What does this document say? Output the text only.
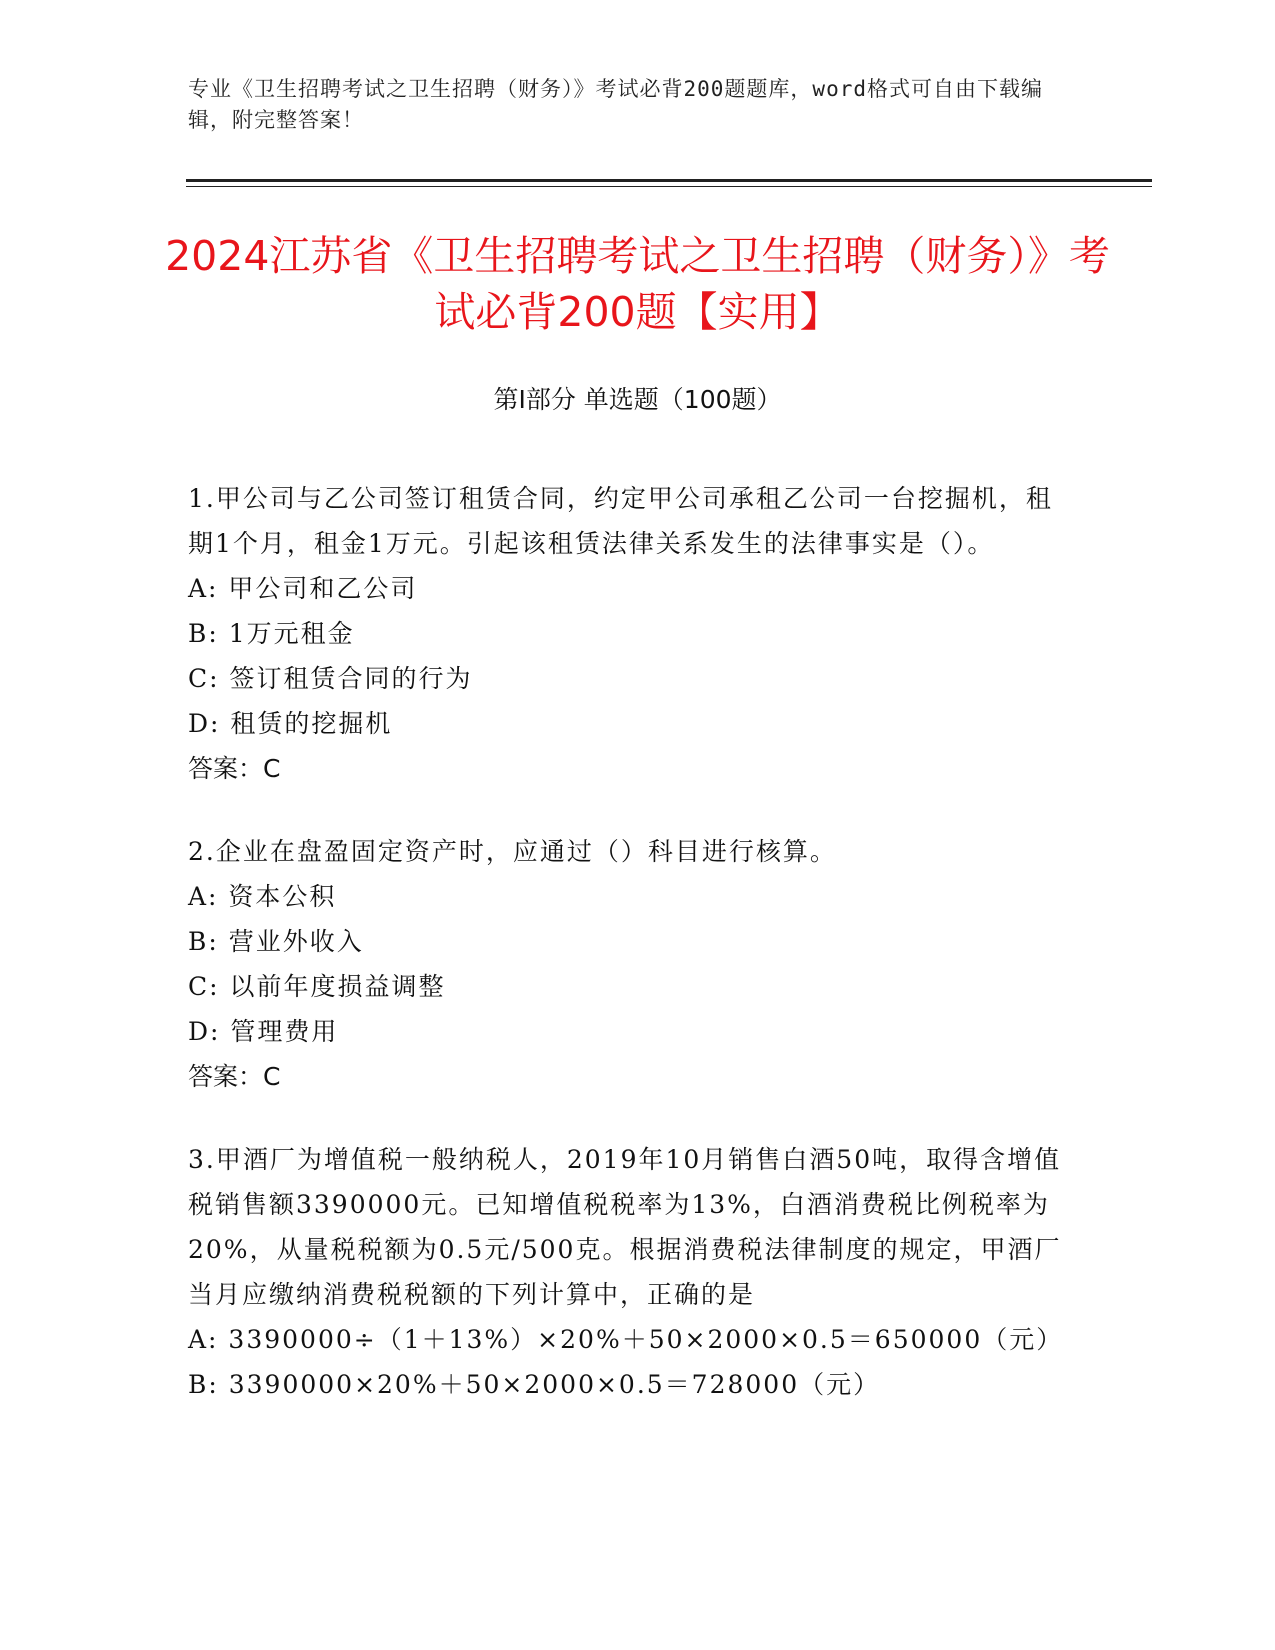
专业《卫生招聘考试之卫生招聘（财务）》考试必背200题题库，word格式可自由下载编辑，附完整答案！
2024江苏省《卫生招聘考试之卫生招聘（财务）》考试必背200题【实用】
第Ⅰ部分 单选题（100题）

1.甲公司与乙公司签订租赁合同，约定甲公司承租乙公司一台挖掘机，租期1个月，租金1万元。引起该租赁法律关系发生的法律事实是（）。

A: 甲公司和乙公司

B: 1万元租金

C: 签订租赁合同的行为

D: 租赁的挖掘机

答案：C

2.企业在盘盈固定资产时，应通过（）科目进行核算。

A: 资本公积

B: 营业外收入

C: 以前年度损益调整

D: 管理费用

答案：C

3.甲酒厂为增值税一般纳税人，2019年10月销售白酒50吨，取得含增值税销售额3390000元。已知增值税税率为13%，白酒消费税比例税率为20%，从量税税额为0.5元/500克。根据消费税法律制度的规定，甲酒厂当月应缴纳消费税税额的下列计算中，正确的是

A: 3390000÷（1＋13%）×20%＋50×2000×0.5＝650000（元）

B: 3390000×20%＋50×2000×0.5＝728000（元）
